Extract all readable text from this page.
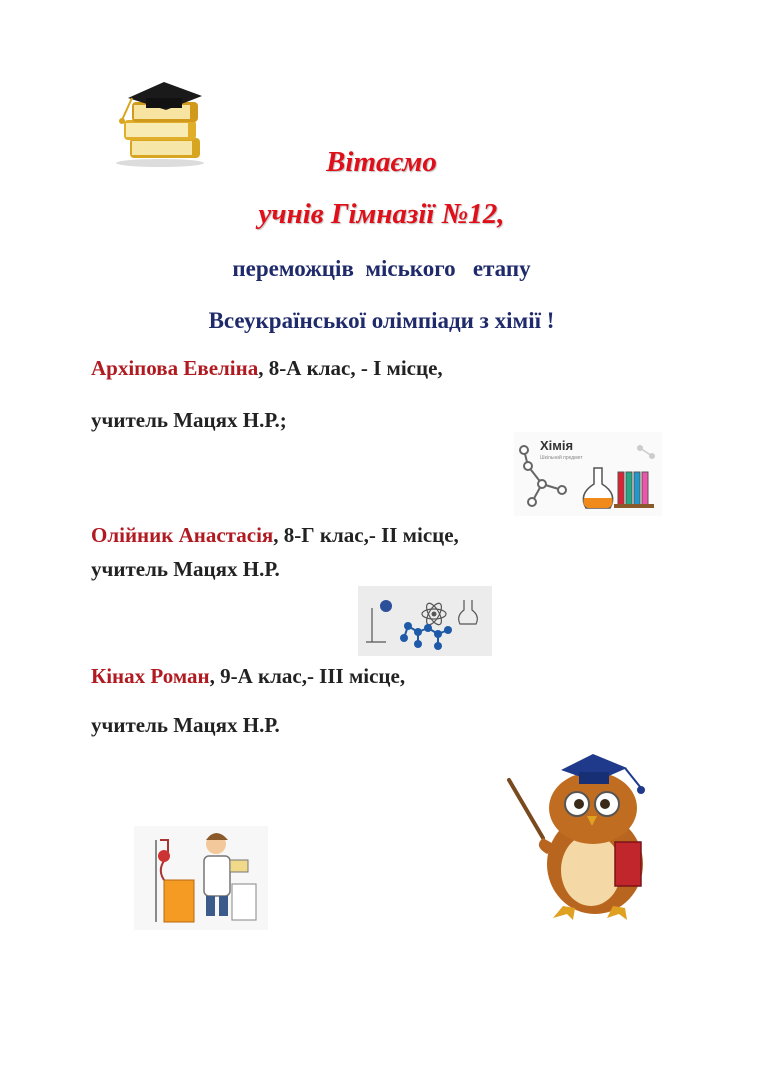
Вітаємо
учнів Гімназії №12,
переможців  міського   етапу
Всеукраїнської олімпіади з хімії !
Архіпова Евеліна, 8-А клас, - І місце,
учитель Мацях Н.Р.;
Хімія
Шкільний предмет
Олійник Анастасія, 8-Г клас,- ІІ місце,
учитель Мацях Н.Р.
Кінах Роман, 9-А клас,- ІІІ місце,
учитель Мацях Н.Р.
